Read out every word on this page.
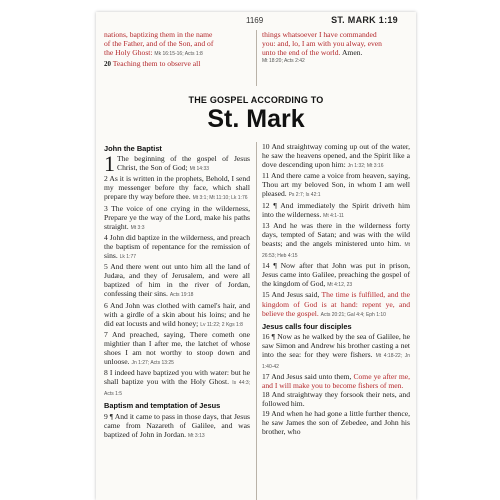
1169	ST. MARK 1:19
nations, baptizing them in the name
of the Father, and of the Son, and of
the Holy Ghost: Mk 16:15-16; Acts 1:8
20 Teaching them to observe all
things whatsoever I have commanded
you: and, lo, I am with you alway, even
unto the end of the world. Amen.
Mt 18:20; Acts 2:42
THE GOSPEL ACCORDING TO
St. Mark
John the Baptist

1 The beginning of the gospel of Jesus Christ, the Son of God; Mt 14:33

2 As it is written in the prophets, Behold, I send my messenger before thy face, which shall prepare thy way before thee. Mt 3:1; Mt 11:10; Lk 1:76

3 The voice of one crying in the wilderness, Prepare ye the way of the Lord, make his paths straight. Mt 3:3

4 John did baptize in the wilderness, and preach the baptism of repentance for the remission of sins. Lk 1:77

5 And there went out unto him all the land of Judæa, and they of Jerusalem, and were all baptized of him in the river of Jordan, confessing their sins. Acts 19:18

6 And John was clothed with camel's hair, and with a girdle of a skin about his loins; and he did eat locusts and wild honey; Lv 11:22; 2 Kgs 1:8

7 And preached, saying, There cometh one mightier than I after me, the latchet of whose shoes I am not worthy to stoop down and unloose. Jn 1:27; Acts 13:25

8 I indeed have baptized you with water: but he shall baptize you with the Holy Ghost. Is 44:3; Acts 1:5

Baptism and temptation of Jesus

9 ¶ And it came to pass in those days, that Jesus came from Nazareth of Galilee, and was baptized of John in Jordan. Mt 3:13

10 And straightway coming up out of the water, he saw the heavens opened, and the Spirit like a dove descending upon him: Jn 1:32; Mt 3:16

11 And there came a voice from heaven, saying, Thou art my beloved Son, in whom I am well pleased. Ps 2:7; Is 42:1

12 ¶ And immediately the Spirit driveth him into the wilderness. Mt 4:1-11

13 And he was there in the wilderness forty days, tempted of Satan; and was with the wild beasts; and the angels ministered unto him. Mt 26:53; Heb 4:15

14 ¶ Now after that John was put in prison, Jesus came into Galilee, preaching the gospel of the kingdom of God, Mt 4:12, 23

15 And Jesus said, The time is fulfilled, and the kingdom of God is at hand: repent ye, and believe the gospel. Acts 20:21; Gal 4:4; Eph 1:10

Jesus calls four disciples

16 ¶ Now as he walked by the sea of Galilee, he saw Simon and Andrew his brother casting a net into the sea: for they were fishers. Mt 4:18-22; Jn 1:40-42

17 And Jesus said unto them, Come ye after me, and I will make you to become fishers of men.

18 And straightway they forsook their nets, and followed him.

19 And when he had gone a little further thence, he saw James the son of Zebedee, and John his brother, who
